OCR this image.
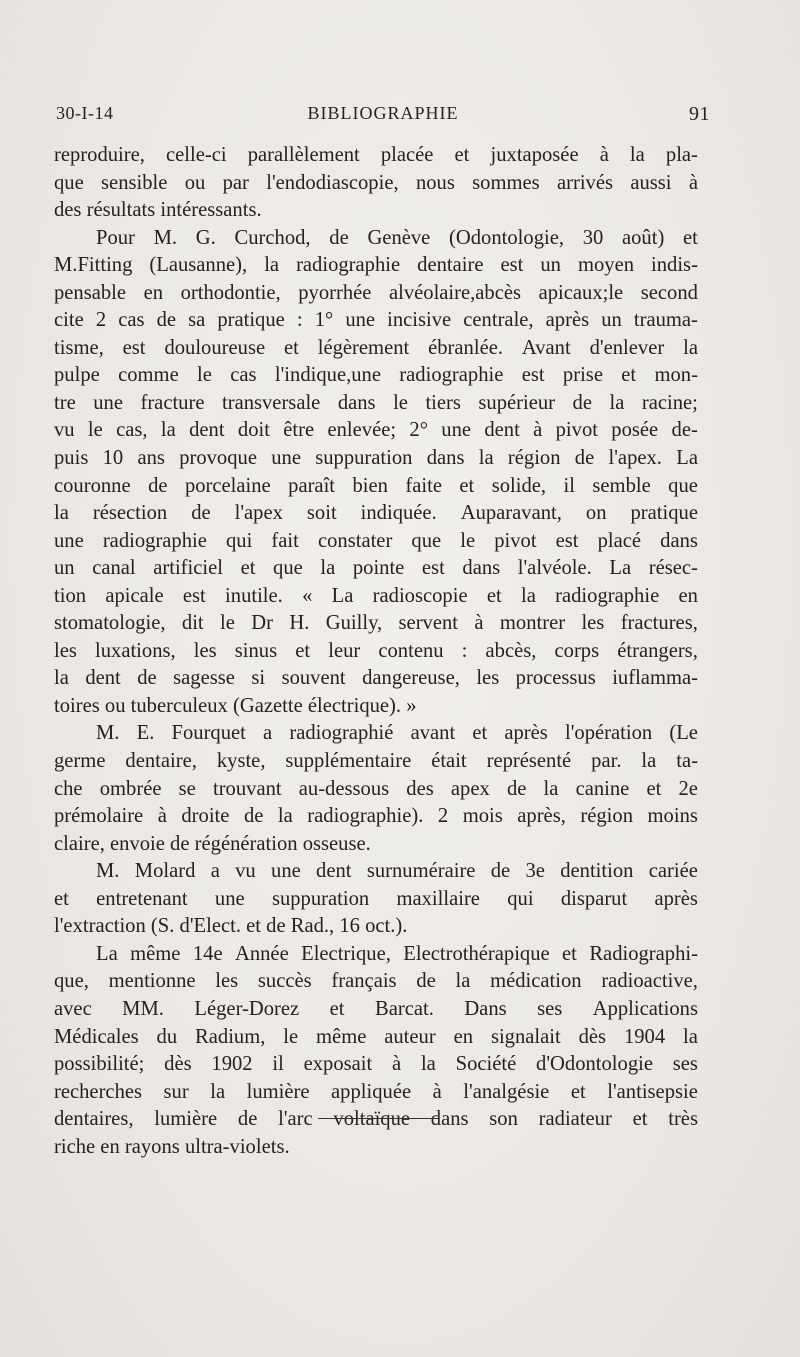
30-I-14	BIBLIOGRAPHIE	91
reproduire, celle-ci parallèlement placée et juxtaposée à la pla-
que sensible ou par l'endodiascopie, nous sommes arrivés aussi à
des résultats intéressants.
Pour M. G. Curchod, de Genève (Odontologie, 30 août) et
M.Fitting (Lausanne), la radiographie dentaire est un moyen indis-
pensable en orthodontie, pyorrhée alvéolaire,abcès apicaux;le second
cite 2 cas de sa pratique : 1° une incisive centrale, après un trauma-
tisme, est douloureuse et légèrement ébranlée. Avant d'enlever la
pulpe comme le cas l'indique,une radiographie est prise et mon-
tre une fracture transversale dans le tiers supérieur de la racine;
vu le cas, la dent doit être enlevée; 2° une dent à pivot posée de-
puis 10 ans provoque une suppuration dans la région de l'apex. La
couronne de porcelaine paraît bien faite et solide, il semble que
la résection de l'apex soit indiquée. Auparavant, on pratique
une radiographie qui fait constater que le pivot est placé dans
un canal artificiel et que la pointe est dans l'alvéole. La résec-
tion apicale est inutile. « La radioscopie et la radiographie en
stomatologie, dit le Dr H. Guilly, servent à montrer les fractures,
les luxations, les sinus et leur contenu : abcès, corps étrangers,
la dent de sagesse si souvent dangereuse, les processus iuflamma-
toires ou tuberculeux (Gazette électrique). »
M. E. Fourquet a radiographié avant et après l'opération (Le
germe dentaire, kyste, supplémentaire était représenté par. la ta-
che ombrée se trouvant au-dessous des apex de la canine et 2e
prémolaire à droite de la radiographie). 2 mois après, région moins
claire, envoie de régénération osseuse.
M. Molard a vu une dent surnuméraire de 3e dentition cariée
et entretenant une suppuration maxillaire qui disparut après
l'extraction (S. d'Elect. et de Rad., 16 oct.).
La même 14e Année Electrique, Electrothérapique et Radiographi-
que, mentionne les succès français de la médication radioactive,
avec MM. Léger-Dorez et Barcat. Dans ses Applications
Médicales du Radium, le même auteur en signalait dès 1904 la
possibilité; dès 1902 il exposait à la Société d'Odontologie ses
recherches sur la lumière appliquée à l'analgésie et l'antisepsie
dentaires, lumière de l'arc voltaïque dans son radiateur et très
riche en rayons ultra-violets.
